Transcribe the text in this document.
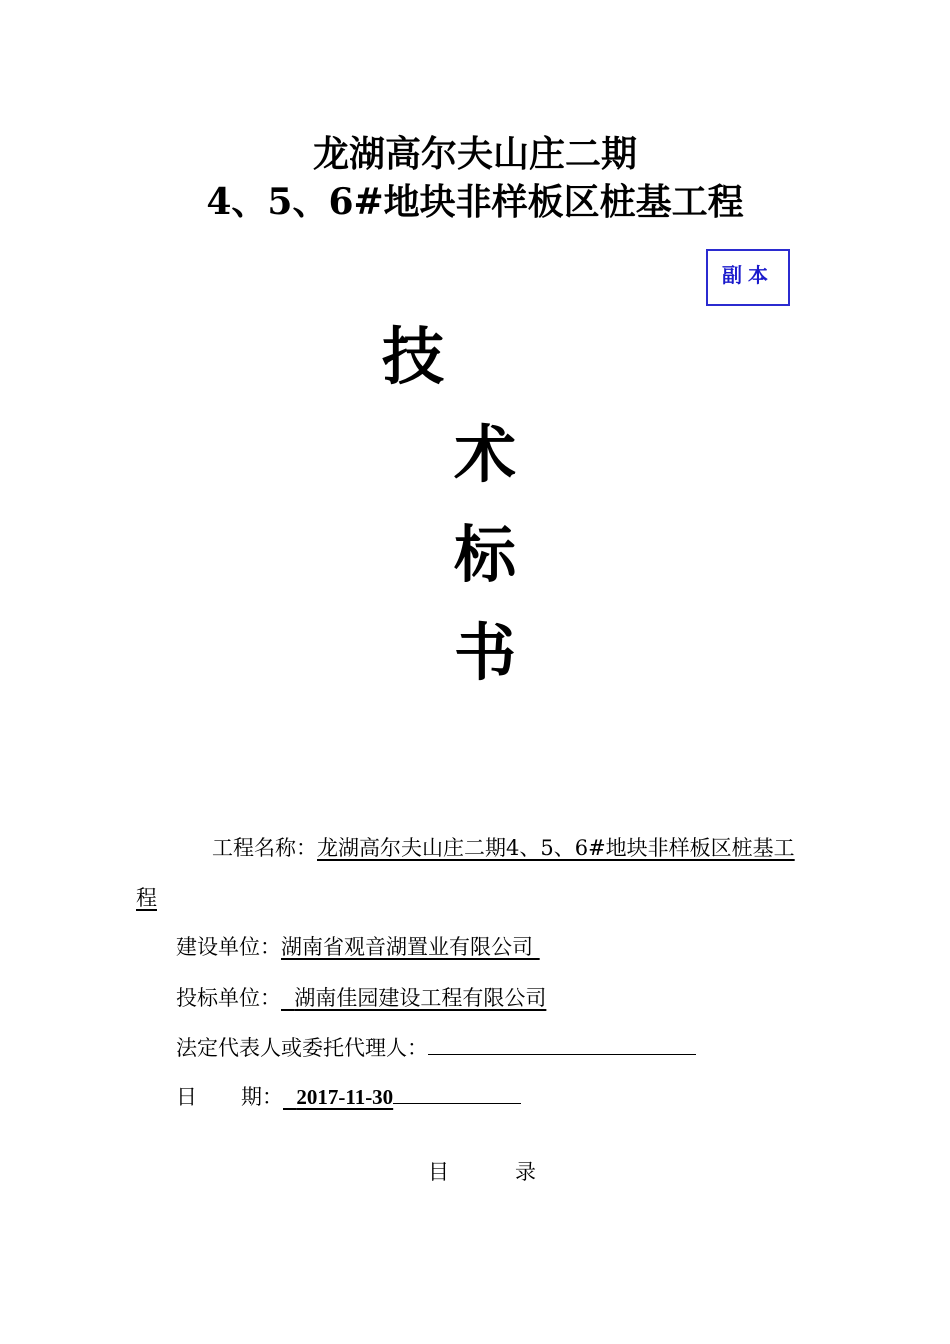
龙湖高尔夫山庄二期
4、5、6#地块非样板区桩基工程
副本
技
术
标
书
工程名称：龙湖高尔夫山庄二期4、5、6#地块非样板区桩基工
程
建设单位：湖南省观音湖置业有限公司
投标单位： 湖南佳园建设工程有限公司
法定代表人或委托代理人：
日 期： 2017-11-30
目	录
